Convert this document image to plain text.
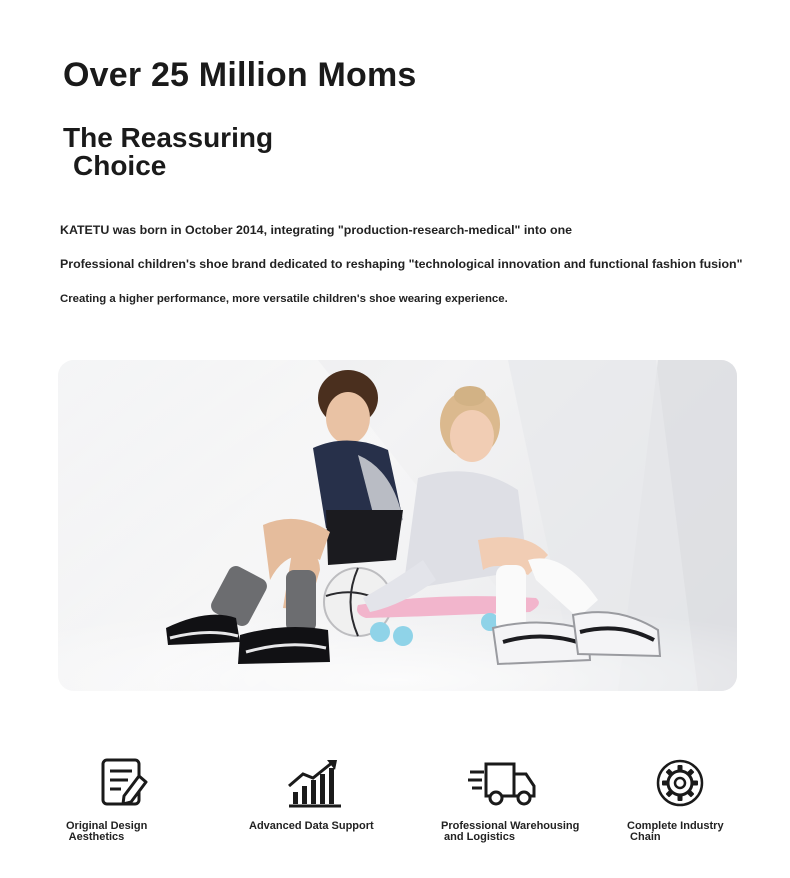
Over 25 Million Moms
The Reassuring
Choice
KATETU was born in October 2014, integrating "production-research-medical" into one
Professional children's shoe brand dedicated to reshaping "technological innovation and functional fashion fusion"
Creating a higher performance, more versatile children's shoe wearing experience.
Original Design
Aesthetics
Advanced Data Support	Professional Warehousing
and Logistics
Complete Industry
Chain
